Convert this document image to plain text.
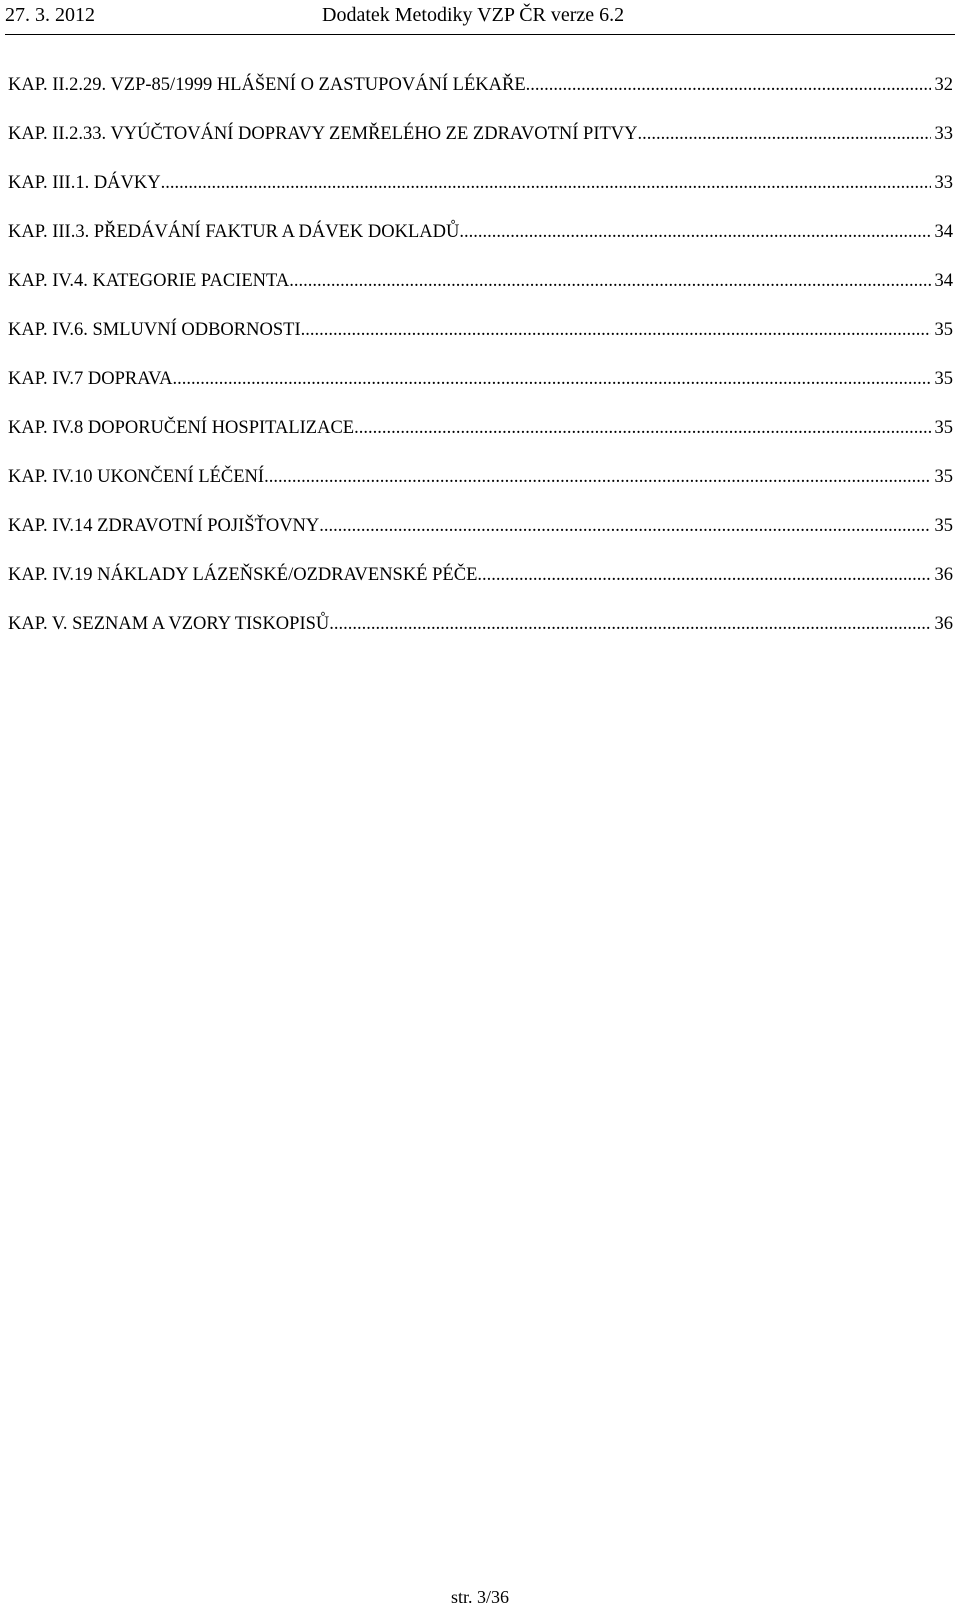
27. 3. 2012	Dodatek Metodiky VZP ČR verze 6.2
KAP. II.2.29. VZP-85/1999 HLÁŠENÍ O ZASTUPOVÁNÍ LÉKAŘE .....	32
KAP. II.2.33. VYÚČTOVÁNÍ DOPRAVY ZEMŘELÉHO ZE ZDRAVOTNÍ PITVY .....	33
KAP. III.1. DÁVKY .....	33
KAP. III.3. PŘEDÁVÁNÍ FAKTUR A DÁVEK DOKLADŮ .....	34
KAP. IV.4. KATEGORIE PACIENTA .....	34
KAP. IV.6. SMLUVNÍ ODBORNOSTI .....	35
KAP. IV.7 DOPRAVA .....	35
KAP. IV.8 DOPORUČENÍ HOSPITALIZACE .....	35
KAP. IV.10 UKONČENÍ LÉČENÍ .....	35
KAP. IV.14 ZDRAVOTNÍ POJIŠŤOVNY .....	35
KAP. IV.19 NÁKLADY LÁZEŇSKÉ/OZDRAVENSKÉ PÉČE .....	36
KAP. V. SEZNAM A VZORY TISKOPISŮ .....	36
str. 3/36
